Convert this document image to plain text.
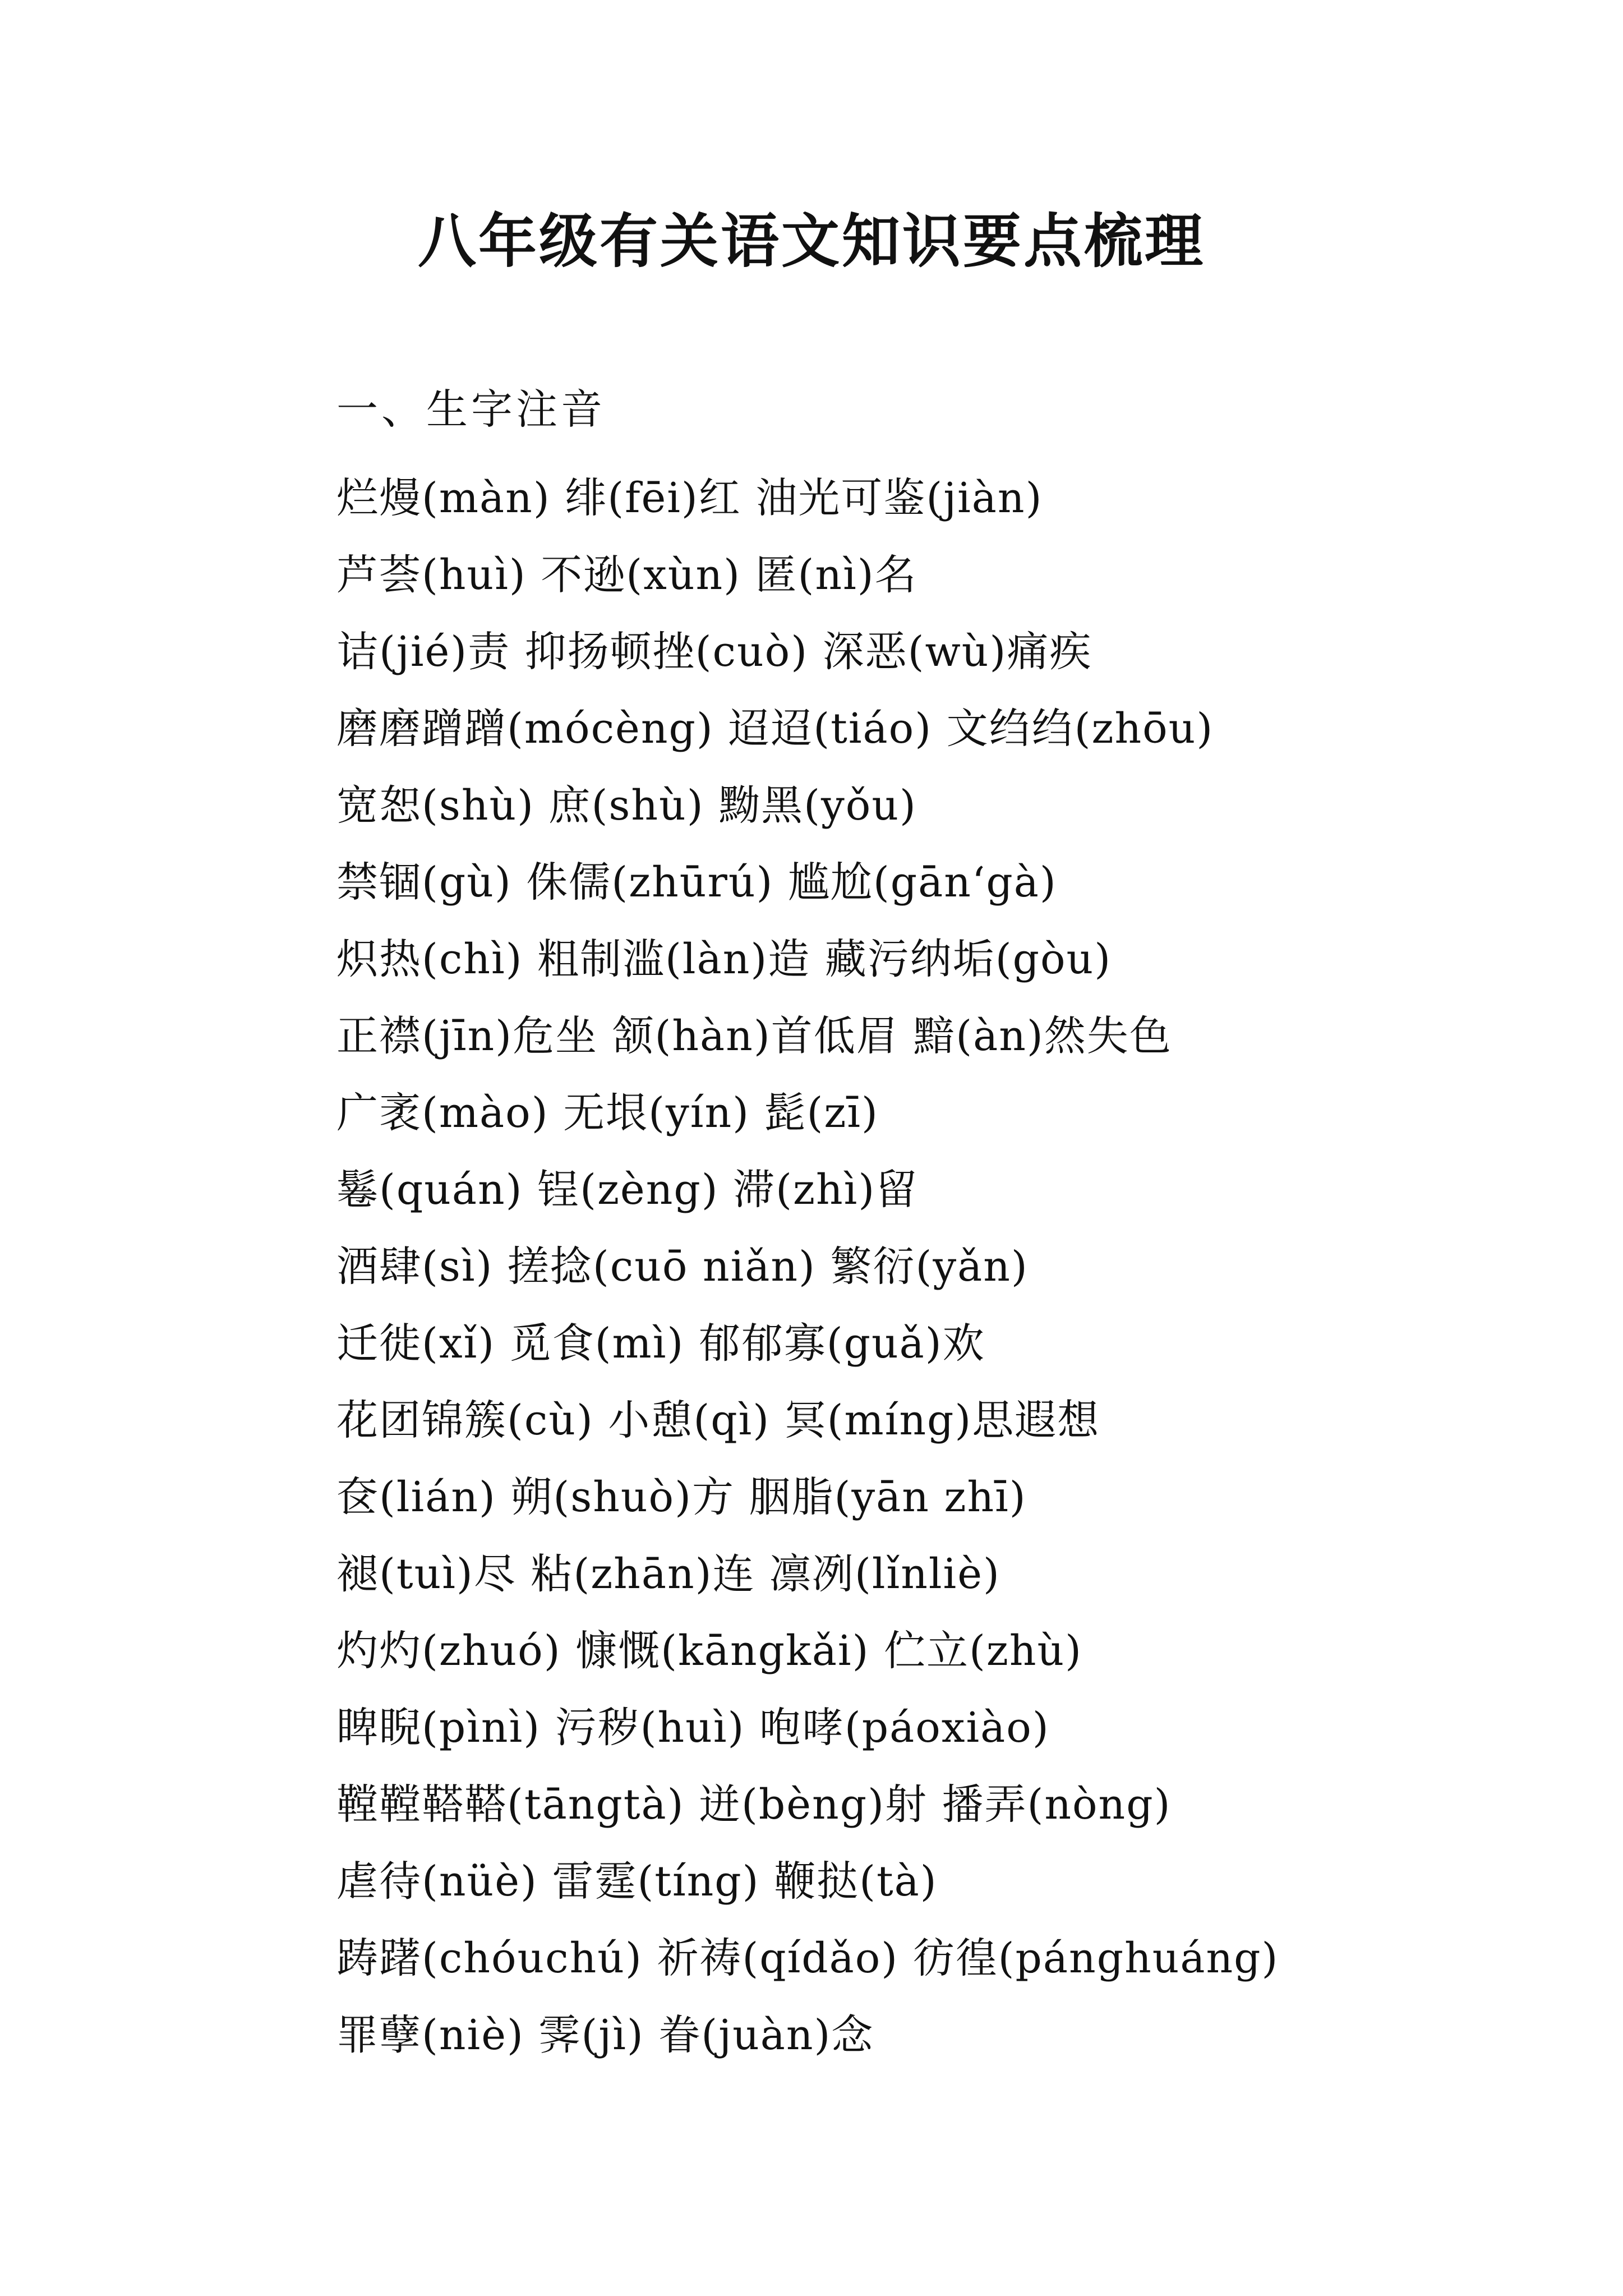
八年级有关语文知识要点梳理
一、生字注音
烂熳(màn) 绯(fēi)红 油光可鉴(jiàn)
芦荟(huì) 不逊(xùn) 匿(nì)名
诘(jié)责 抑扬顿挫(cuò) 深恶(wù)痛疾
磨磨蹭蹭(mócèng) 迢迢(tiáo) 文绉绉(zhōu)
宽恕(shù) 庶(shù) 黝黑(yǒu)
禁锢(gù) 侏儒(zhūrú) 尴尬(gān‘gà)
炽热(chì) 粗制滥(làn)造 藏污纳垢(gòu)
正襟(jīn)危坐 颔(hàn)首低眉 黯(àn)然失色
广袤(mào) 无垠(yín) 髭(zī)
鬈(quán) 锃(zèng) 滞(zhì)留
酒肆(sì) 搓捻(cuō niǎn) 繁衍(yǎn)
迁徙(xǐ) 觅食(mì) 郁郁寡(guǎ)欢
花团锦簇(cù) 小憩(qì) 冥(míng)思遐想
奁(lián) 朔(shuò)方 胭脂(yān zhī)
褪(tuì)尽 粘(zhān)连 凛冽(lǐnliè)
灼灼(zhuó) 慷慨(kāngkǎi) 伫立(zhù)
睥睨(pìnì) 污秽(huì) 咆哮(páoxiào)
鞺鞺鞳鞳(tāngtà) 迸(bèng)射 播弄(nòng)
虐待(nüè) 雷霆(tíng) 鞭挞(tà)
踌躇(chóuchú) 祈祷(qídǎo) 彷徨(pánghuáng)
罪孽(niè) 霁(jì) 眷(juàn)念
